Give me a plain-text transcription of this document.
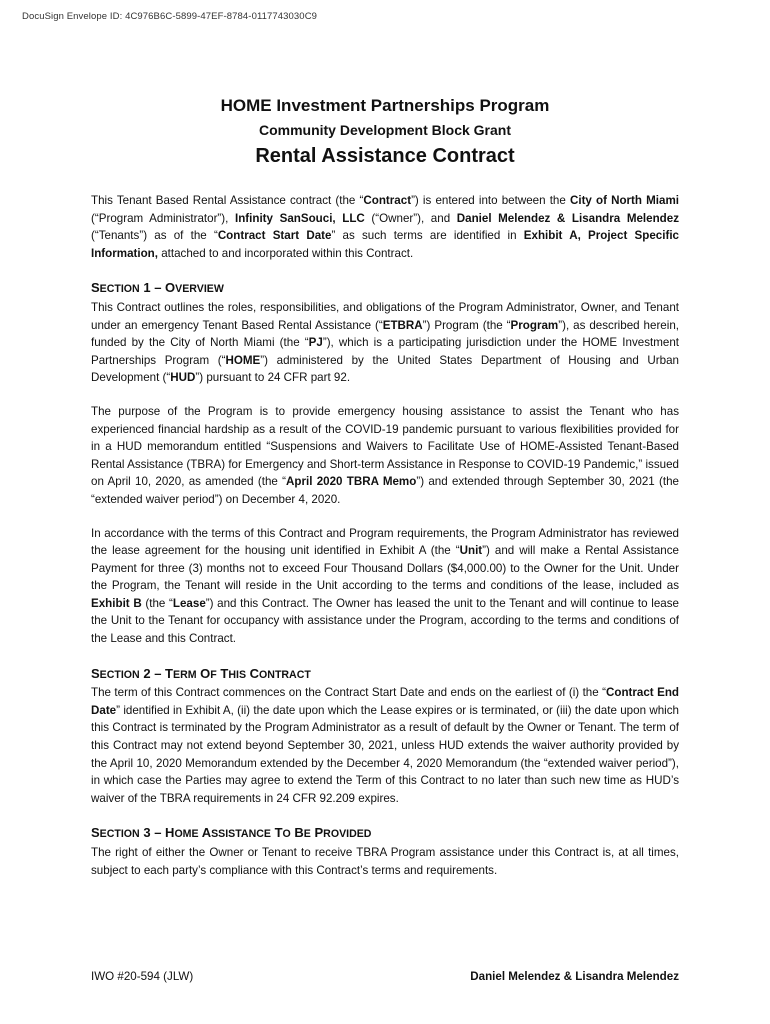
DocuSign Envelope ID: 4C976B6C-5899-47EF-8784-0117743030C9
HOME Investment Partnerships Program
Community Development Block Grant
Rental Assistance Contract

This Tenant Based Rental Assistance contract (the “Contract”) is entered into between the City of North Miami (“Program Administrator”), Infinity SanSouci, LLC (“Owner”), and Daniel Melendez & Lisandra Melendez (“Tenants”) as of the “Contract Start Date” as such terms are identified in Exhibit A, Project Specific Information, attached to and incorporated within this Contract.

SECTION 1 – OVERVIEW

This Contract outlines the roles, responsibilities, and obligations of the Program Administrator, Owner, and Tenant under an emergency Tenant Based Rental Assistance (“ETBRA”) Program (the “Program”), as described herein, funded by the City of North Miami (the “PJ”), which is a participating jurisdiction under the HOME Investment Partnerships Program (“HOME”) administered by the United States Department of Housing and Urban Development (“HUD”) pursuant to 24 CFR part 92.

The purpose of the Program is to provide emergency housing assistance to assist the Tenant who has experienced financial hardship as a result of the COVID-19 pandemic pursuant to various flexibilities provided for in a HUD memorandum entitled “Suspensions and Waivers to Facilitate Use of HOME-Assisted Tenant-Based Rental Assistance (TBRA) for Emergency and Short-term Assistance in Response to COVID-19 Pandemic,” issued on April 10, 2020, as amended (the “April 2020 TBRA Memo”) and extended through September 30, 2021 (the “extended waiver period”) on December 4, 2020.

In accordance with the terms of this Contract and Program requirements, the Program Administrator has reviewed the lease agreement for the housing unit identified in Exhibit A (the “Unit”) and will make a Rental Assistance Payment for three (3) months not to exceed Four Thousand Dollars ($4,000.00) to the Owner for the Unit. Under the Program, the Tenant will reside in the Unit according to the terms and conditions of the lease, included as Exhibit B (the “Lease”) and this Contract. The Owner has leased the unit to the Tenant and will continue to lease the Unit to the Tenant for occupancy with assistance under the Program, according to the terms and conditions of the Lease and this Contract.

SECTION 2 – TERM OF THIS CONTRACT

The term of this Contract commences on the Contract Start Date and ends on the earliest of (i) the “Contract End Date” identified in Exhibit A, (ii) the date upon which the Lease expires or is terminated, or (iii) the date upon which this Contract is terminated by the Program Administrator as a result of default by the Owner or Tenant. The term of this Contract may not extend beyond September 30, 2021, unless HUD extends the waiver authority provided by the April 10, 2020 Memorandum extended by the December 4, 2020 Memorandum (the “extended waiver period”), in which case the Parties may agree to extend the Term of this Contract to no later than such new time as HUD’s waiver of the TBRA requirements in 24 CFR 92.209 expires.

SECTION 3 – HOME ASSISTANCE TO BE PROVIDED

The right of either the Owner or Tenant to receive TBRA Program assistance under this Contract is, at all times, subject to each party’s compliance with this Contract’s terms and requirements.

IWO #20-594 (JLW)	Daniel Melendez & Lisandra Melendez
